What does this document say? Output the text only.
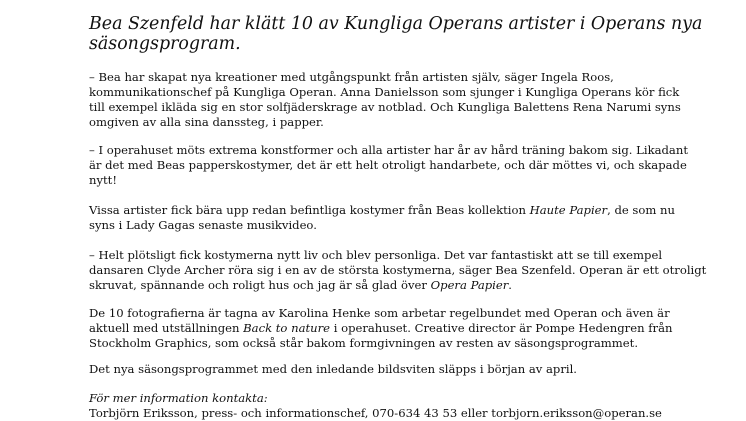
Bea Szenfeld har klätt 10 av Kungliga Operans artister i Operans nya säsongsprogram.

– Bea har skapat nya kreationer med utgångspunkt från artisten själv, säger Ingela Roos,
kommunikationschef på Kungliga Operan. Anna Danielsson som sjunger i Kungliga Operans kör fick
till exempel iklädа sig en stor solfjäderskrage av notblad. Och Kungliga Balettens Rena Narumi syns
omgiven av alla sina danssteg, i papper.

– I operahuset möts extrema konstformer och alla artister har år av hård träning bakom sig. Likadant
är det med Beas papperskostymer, det är ett helt otroligt handarbete, och där möttes vi, och skapade
nytt!

Vissa artister fick bära upp redan befintliga kostymer från Beas kollektion Haute Papier, de som nu
syns i Lady Gagas senaste musikvideo.

– Helt plötsligt fick kostymerna nytt liv och blev personliga. Det var fantastiskt att se till exempel
dansaren Clyde Archer röra sig i en av de största kostymerna, säger Bea Szenfeld. Operan är ett otroligt
skruvat, spännande och roligt hus och jag är så glad över Opera Papier.

De 10 fotografierna är tagna av Karolina Henke som arbetar regelbundet med Operan och även är
aktuell med utställningen Back to nature i operahuset. Creative director är Pompe Hedengren från
Stockholm Graphics, som också står bakom formgivningen av resten av säsongsprogrammet.

Det nya säsongsprogrammet med den inledande bildsviten släpps i början av april.

För mer information kontakta:
Torbjörn Eriksson, press- och informationschef, 070-634 43 53 eller torbjorn.eriksson@operan.se
